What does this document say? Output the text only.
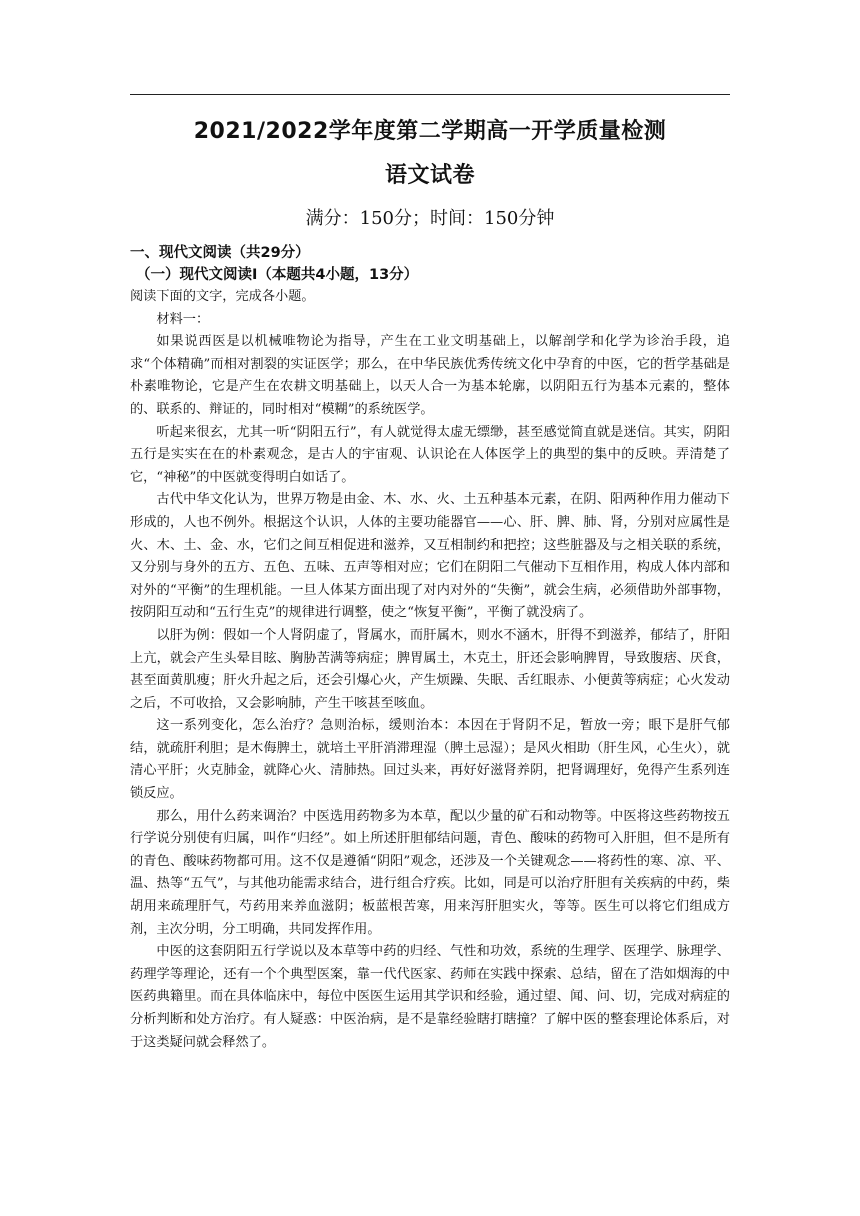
2021/2022学年度第二学期高一开学质量检测
语文试卷
满分：150分；时间：150分钟
一、现代文阅读（共29分）
（一）现代文阅读Ⅰ（本题共4小题，13分）

阅读下面的文字，完成各小题。

材料一：

如果说西医是以机械唯物论为指导，产生在工业文明基础上，以解剖学和化学为诊治手段，追求“个体精确”而相对割裂的实证医学；那么，在中华民族优秀传统文化中孕育的中医，它的哲学基础是朴素唯物论，它是产生在农耕文明基础上，以天人合一为基本轮廓，以阴阳五行为基本元素的，整体的、联系的、辩证的，同时相对“模糊”的系统医学。

听起来很玄，尤其一听“阴阳五行”，有人就觉得太虚无缥缈，甚至感觉简直就是迷信。其实，阴阳五行是实实在在的朴素观念，是古人的宇宙观、认识论在人体医学上的典型的集中的反映。弄清楚了它，“神秘”的中医就变得明白如话了。

古代中华文化认为，世界万物是由金、木、水、火、土五种基本元素，在阴、阳两种作用力催动下形成的，人也不例外。根据这个认识，人体的主要功能器官——心、肝、脾、肺、肾，分别对应属性是火、木、土、金、水，它们之间互相促进和滋养，又互相制约和把控；这些脏器及与之相关联的系统，又分别与身外的五方、五色、五味、五声等相对应；它们在阴阳二气催动下互相作用，构成人体内部和对外的“平衡”的生理机能。一旦人体某方面出现了对内对外的“失衡”，就会生病，必须借助外部事物，按阴阳互动和“五行生克”的规律进行调整，使之“恢复平衡”，平衡了就没病了。

以肝为例：假如一个人肾阴虚了，肾属水，而肝属木，则水不涵木，肝得不到滋养，郁结了，肝阳上亢，就会产生头晕目眩、胸胁苦满等病症；脾胃属土，木克土，肝还会影响脾胃，导致腹痞、厌食，甚至面黄肌瘦；肝火升起之后，还会引爆心火，产生烦躁、失眠、舌红眼赤、小便黄等病症；心火发动之后，不可收拾，又会影响肺，产生干咳甚至咳血。

这一系列变化，怎么治疗？急则治标，缓则治本：本因在于肾阴不足，暂放一旁；眼下是肝气郁结，就疏肝利胆；是木侮脾土，就培土平肝消滞理湿（脾土忌湿）；是风火相助（肝生风，心生火），就清心平肝；火克肺金，就降心火、清肺热。回过头来，再好好滋肾养阴，把肾调理好，免得产生系列连锁反应。

那么，用什么药来调治？中医选用药物多为本草，配以少量的矿石和动物等。中医将这些药物按五行学说分别使有归属，叫作“归经”。如上所述肝胆郁结问题，青色、酸味的药物可入肝胆，但不是所有的青色、酸味药物都可用。这不仅是遵循“阴阳”观念，还涉及一个关键观念——将药性的寒、凉、平、温、热等“五气”，与其他功能需求结合，进行组合疗疾。比如，同是可以治疗肝胆有关疾病的中药，柴胡用来疏理肝气，芍药用来养血滋阴；板蓝根苦寒，用来泻肝胆实火，等等。医生可以将它们组成方剂，主次分明，分工明确，共同发挥作用。

中医的这套阴阳五行学说以及本草等中药的归经、气性和功效，系统的生理学、医理学、脉理学、药理学等理论，还有一个个典型医案，靠一代代医家、药师在实践中探索、总结，留在了浩如烟海的中医药典籍里。而在具体临床中，每位中医医生运用其学识和经验，通过望、闻、问、切，完成对病症的分析判断和处方治疗。有人疑惑：中医治病，是不是靠经验瞎打瞎撞？了解中医的整套理论体系后，对于这类疑问就会释然了。
